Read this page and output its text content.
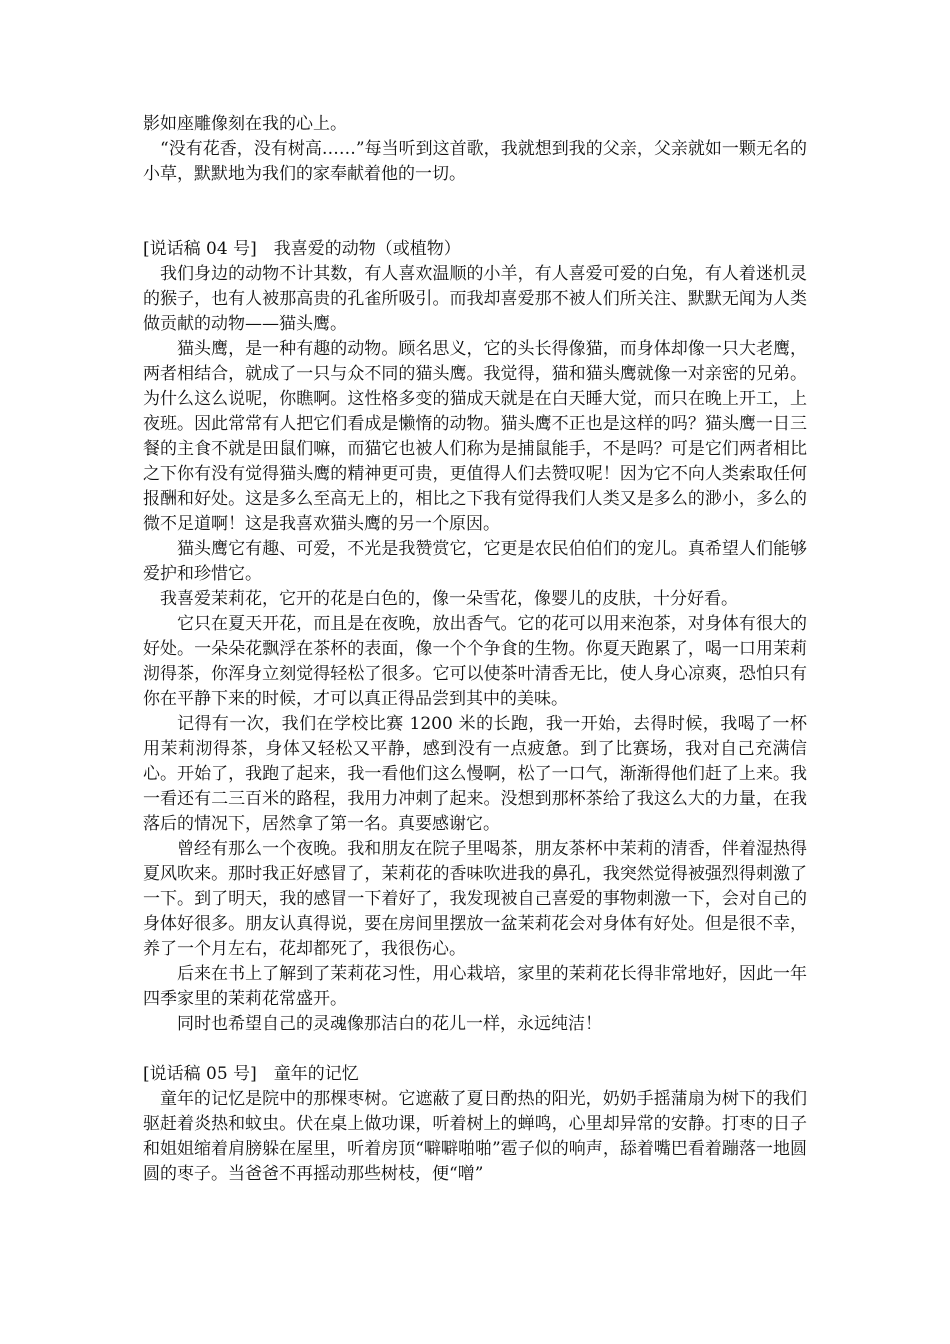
影如座雕像刻在我的心上。

“没有花香，没有树高……”每当听到这首歌，我就想到我的父亲，父亲就如一颗无名的小草，默默地为我们的家奉献着他的一切。

[说话稿 04 号]　我喜爱的动物（或植物）

我们身边的动物不计其数，有人喜欢温顺的小羊，有人喜爱可爱的白兔，有人着迷机灵的猴子，也有人被那高贵的孔雀所吸引。而我却喜爱那不被人们所关注、默默无闻为人类做贡献的动物——猫头鹰。

猫头鹰，是一种有趣的动物。顾名思义，它的头长得像猫，而身体却像一只大老鹰，两者相结合，就成了一只与众不同的猫头鹰。我觉得，猫和猫头鹰就像一对亲密的兄弟。为什么这么说呢，你瞧啊。这性格多变的猫成天就是在白天睡大觉，而只在晚上开工，上夜班。因此常常有人把它们看成是懒惰的动物。猫头鹰不正也是这样的吗？猫头鹰一日三餐的主食不就是田鼠们嘛，而猫它也被人们称为是捕鼠能手，不是吗？可是它们两者相比之下你有没有觉得猫头鹰的精神更可贵，更值得人们去赞叹呢！因为它不向人类索取任何报酬和好处。这是多么至高无上的，相比之下我有觉得我们人类又是多么的渺小，多么的微不足道啊！这是我喜欢猫头鹰的另一个原因。

猫头鹰它有趣、可爱，不光是我赞赏它，它更是农民伯伯们的宠儿。真希望人们能够爱护和珍惜它。

我喜爱茉莉花，它开的花是白色的，像一朵雪花，像婴儿的皮肤，十分好看。

它只在夏天开花，而且是在夜晚，放出香气。它的花可以用来泡茶，对身体有很大的好处。一朵朵花飘浮在茶杯的表面，像一个个争食的生物。你夏天跑累了，喝一口用茉莉沏得茶，你浑身立刻觉得轻松了很多。它可以使茶叶清香无比，使人身心凉爽，恐怕只有你在平静下来的时候，才可以真正得品尝到其中的美味。

记得有一次，我们在学校比赛 1200 米的长跑，我一开始，去得时候，我喝了一杯用茉莉沏得茶，身体又轻松又平静，感到没有一点疲惫。到了比赛场，我对自己充满信心。开始了，我跑了起来，我一看他们这么慢啊，松了一口气，渐渐得他们赶了上来。我一看还有二三百米的路程，我用力冲刺了起来。没想到那杯茶给了我这么大的力量，在我落后的情况下，居然拿了第一名。真要感谢它。

曾经有那么一个夜晚。我和朋友在院子里喝茶，朋友茶杯中茉莉的清香，伴着湿热得夏风吹来。那时我正好感冒了，茉莉花的香味吹进我的鼻孔，我突然觉得被强烈得刺激了一下。到了明天，我的感冒一下着好了，我发现被自己喜爱的事物刺激一下，会对自己的身体好很多。朋友认真得说，要在房间里摆放一盆茉莉花会对身体有好处。但是很不幸，养了一个月左右，花却都死了，我很伤心。

后来在书上了解到了茉莉花习性，用心栽培，家里的茉莉花长得非常地好，因此一年四季家里的茉莉花常盛开。

同时也希望自己的灵魂像那洁白的花儿一样，永远纯洁！

[说话稿 05 号]　童年的记忆

童年的记忆是院中的那棵枣树。它遮蔽了夏日酌热的阳光，奶奶手摇蒲扇为树下的我们驱赶着炎热和蚊虫。伏在桌上做功课，听着树上的蝉鸣，心里却异常的安静。打枣的日子和姐姐缩着肩膀躲在屋里，听着房顶“噼噼啪啪”雹子似的响声，舔着嘴巴看着蹦落一地圆圆的枣子。当爸爸不再摇动那些树枝，便“噌”
